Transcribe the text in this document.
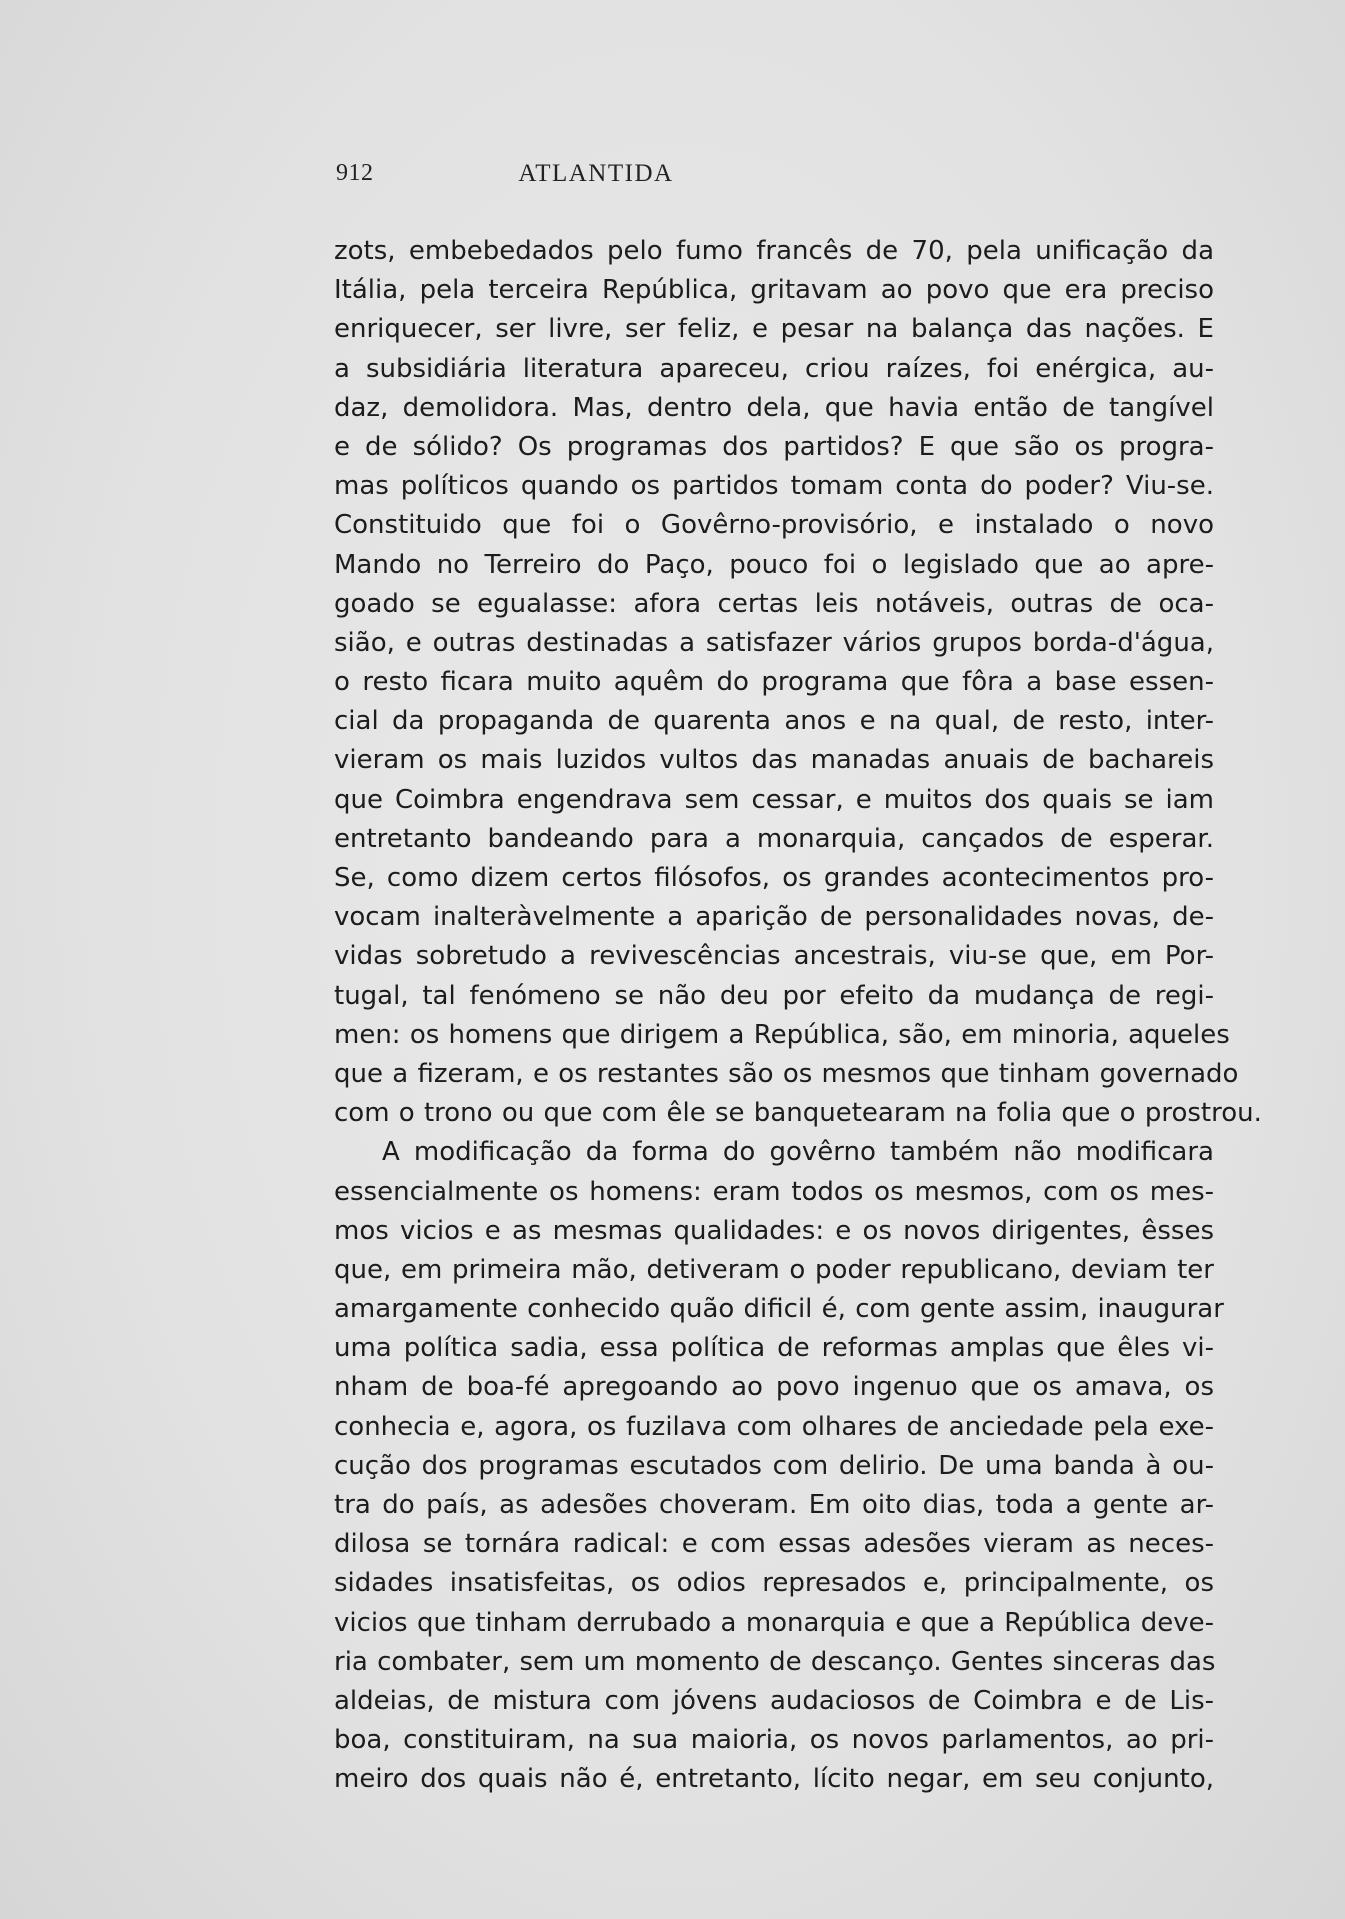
912	ATLANTIDA
zots, embebedados pelo fumo francês de 70, pela unificação da
Itália, pela terceira República, gritavam ao povo que era preciso
enriquecer, ser livre, ser feliz, e pesar na balança das nações. E
a subsidiária literatura apareceu, criou raízes, foi enérgica, au-
daz, demolidora. Mas, dentro dela, que havia então de tangível
e de sólido? Os programas dos partidos? E que são os progra-
mas políticos quando os partidos tomam conta do poder? Viu-se.
Constituido que foi o Govêrno-provisório, e instalado o novo
Mando no Terreiro do Paço, pouco foi o legislado que ao apre-
goado se egualasse: afora certas leis notáveis, outras de oca-
sião, e outras destinadas a satisfazer vários grupos borda-d'água,
o resto ficara muito aquêm do programa que fôra a base essen-
cial da propaganda de quarenta anos e na qual, de resto, inter-
vieram os mais luzidos vultos das manadas anuais de bachareis
que Coimbra engendrava sem cessar, e muitos dos quais se iam
entretanto bandeando para a monarquia, cançados de esperar.
Se, como dizem certos filósofos, os grandes acontecimentos pro-
vocam inalteràvelmente a aparição de personalidades novas, de-
vidas sobretudo a revivescências ancestrais, viu-se que, em Por-
tugal, tal fenómeno se não deu por efeito da mudança de regi-
men: os homens que dirigem a República, são, em minoria, aqueles
que a fizeram, e os restantes são os mesmos que tinham governado
com o trono ou que com êle se banquetearam na folia que o prostrou.
A modificação da forma do govêrno também não modificara
essencialmente os homens: eram todos os mesmos, com os mes-
mos vicios e as mesmas qualidades: e os novos dirigentes, êsses
que, em primeira mão, detiveram o poder republicano, deviam ter
amargamente conhecido quão dificil é, com gente assim, inaugurar
uma política sadia, essa política de reformas amplas que êles vi-
nham de boa-fé apregoando ao povo ingenuo que os amava, os
conhecia e, agora, os fuzilava com olhares de anciedade pela exe-
cução dos programas escutados com delirio. De uma banda à ou-
tra do país, as adesões choveram. Em oito dias, toda a gente ar-
dilosa se tornára radical: e com essas adesões vieram as neces-
sidades insatisfeitas, os odios represados e, principalmente, os
vicios que tinham derrubado a monarquia e que a República deve-
ria combater, sem um momento de descanço. Gentes sinceras das
aldeias, de mistura com jóvens audaciosos de Coimbra e de Lis-
boa, constituiram, na sua maioria, os novos parlamentos, ao pri-
meiro dos quais não é, entretanto, lícito negar, em seu conjunto,
